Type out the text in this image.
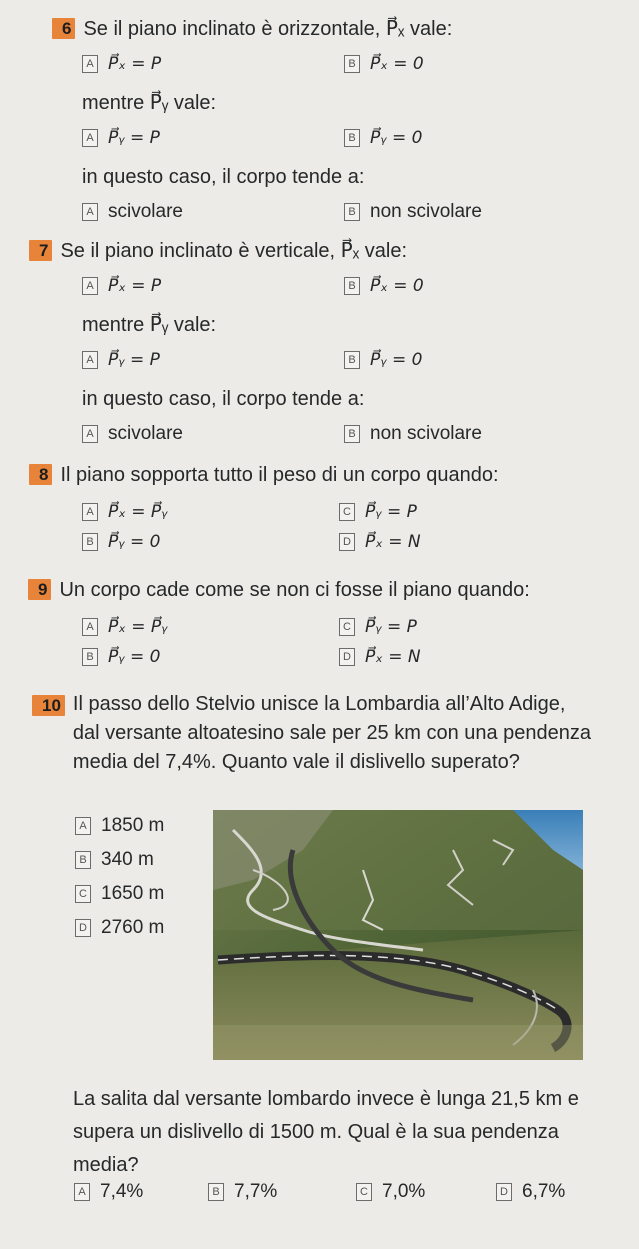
6 Se il piano inclinato è orizzontale, P⃗ₓ vale:
A P⃗ₓ = P	B P⃗ₓ = 0
mentre P⃗ᵧ vale:
A P⃗ᵧ = P	B P⃗ᵧ = 0
in questo caso, il corpo tende a:
A scivolare	B non scivolare
7 Se il piano inclinato è verticale, P⃗ₓ vale:
A P⃗ₓ = P	B P⃗ₓ = 0
mentre P⃗ᵧ vale:
A P⃗ᵧ = P	B P⃗ᵧ = 0
in questo caso, il corpo tende a:
A scivolare	B non scivolare
8 Il piano sopporta tutto il peso di un corpo quando:
A P⃗ₓ = P⃗ᵧ	C P⃗ᵧ = P
B P⃗ᵧ = 0	D P⃗ₓ = N
9 Un corpo cade come se non ci fosse il piano quando:
A P⃗ₓ = P⃗ᵧ	C P⃗ᵧ = P
B P⃗ᵧ = 0	D P⃗ₓ = N
10 Il passo dello Stelvio unisce la Lombardia all’Alto Adige, dal versante altoatesino sale per 25 km con una pendenza media del 7,4%. Quanto vale il dislivello superato?
A 1850 m
B 340 m
C 1650 m
D 2760 m
La salita dal versante lombardo invece è lunga 21,5 km e supera un dislivello di 1500 m. Qual è la sua pendenza media?
A 7,4%	B 7,7%	C 7,0%	D 6,7%
